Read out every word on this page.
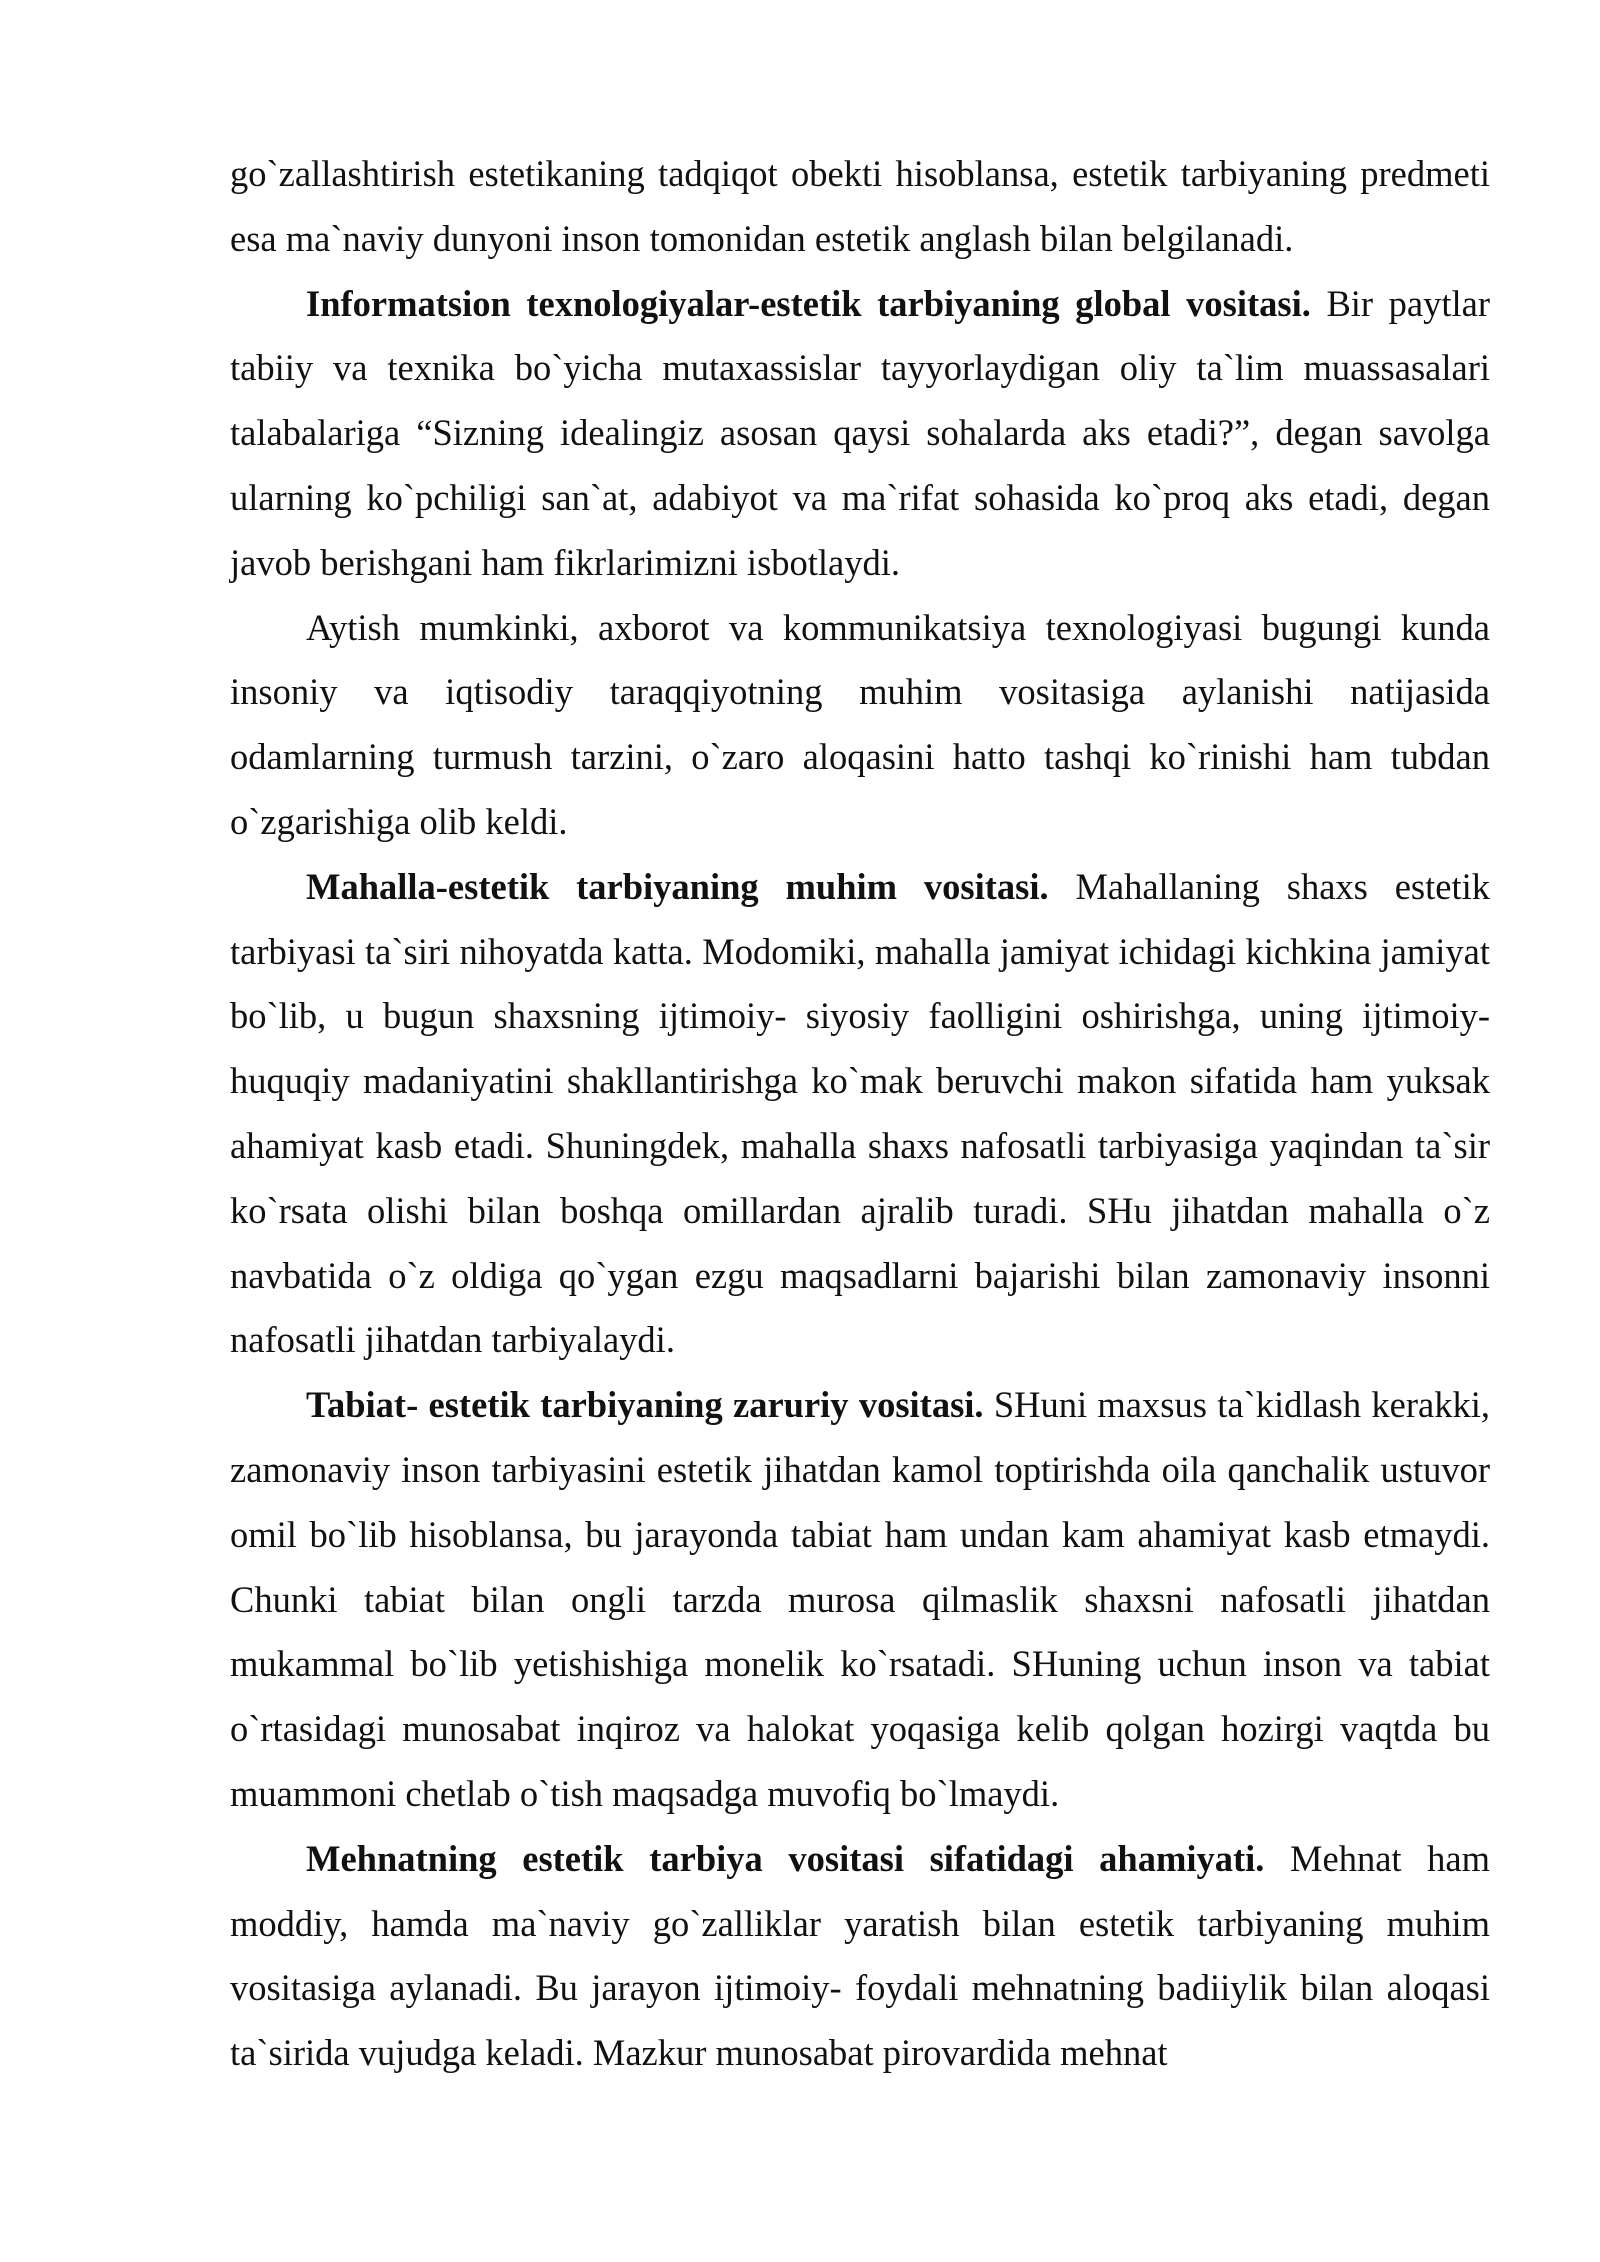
go`zallashtirish estetikaning tadqiqot obekti hisoblansa, estetik tarbiyaning predmeti esa ma`naviy dunyoni inson tomonidan estetik anglash bilan belgilanadi.

Informatsion texnologiyalar-estetik tarbiyaning global vositasi. Bir paytlar tabiiy va texnika bo`yicha mutaxassislar tayyorlaydigan oliy ta`lim muassasalari talabalariga “Sizning idealingiz asosan qaysi sohalarda aks etadi?”, degan savolga ularning ko`pchiligi san`at, adabiyot va ma`rifat sohasida ko`proq aks etadi, degan javob berishgani ham fikrlarimizni isbotlaydi.

Aytish mumkinki, axborot va kommunikatsiya texnologiyasi bugungi kunda insoniy va iqtisodiy taraqqiyotning muhim vositasiga aylanishi natijasida odamlarning turmush tarzini, o`zaro aloqasini hatto tashqi ko`rinishi ham tubdan o`zgarishiga olib keldi.

Mahalla-estetik tarbiyaning muhim vositasi. Mahallaning shaxs estetik tarbiyasi ta`siri nihoyatda katta. Modomiki, mahalla jamiyat ichidagi kichkina jamiyat bo`lib, u bugun shaxsning ijtimoiy- siyosiy faolligini oshirishga, uning ijtimoiy-huquqiy madaniyatini shakllantirishga ko`mak beruvchi makon sifatida ham yuksak ahamiyat kasb etadi. Shuningdek, mahalla shaxs nafosatli tarbiyasiga yaqindan ta`sir ko`rsata olishi bilan boshqa omillardan ajralib turadi. SHu jihatdan mahalla o`z navbatida o`z oldiga qo`ygan ezgu maqsadlarni bajarishi bilan zamonaviy insonni nafosatli jihatdan tarbiyalaydi.

Tabiat- estetik tarbiyaning zaruriy vositasi. SHuni maxsus ta`kidlash kerakki, zamonaviy inson tarbiyasini estetik jihatdan kamol toptirishda oila qanchalik ustuvor omil bo`lib hisoblansa, bu jarayonda tabiat ham undan kam ahamiyat kasb etmaydi. Chunki tabiat bilan ongli tarzda murosa qilmaslik shaxsni nafosatli jihatdan mukammal bo`lib yetishishiga monelik ko`rsatadi. SHuning uchun inson va tabiat o`rtasidagi munosabat inqiroz va halokat yoqasiga kelib qolgan hozirgi vaqtda bu muammoni chetlab o`tish maqsadga muvofiq bo`lmaydi.

Mehnatning estetik tarbiya vositasi sifatidagi ahamiyati. Mehnat ham moddiy, hamda ma`naviy go`zalliklar yaratish bilan estetik tarbiyaning muhim vositasiga aylanadi. Bu jarayon ijtimoiy- foydali mehnatning badiiylik bilan aloqasi ta`sirida vujudga keladi. Mazkur munosabat pirovardida mehnat
